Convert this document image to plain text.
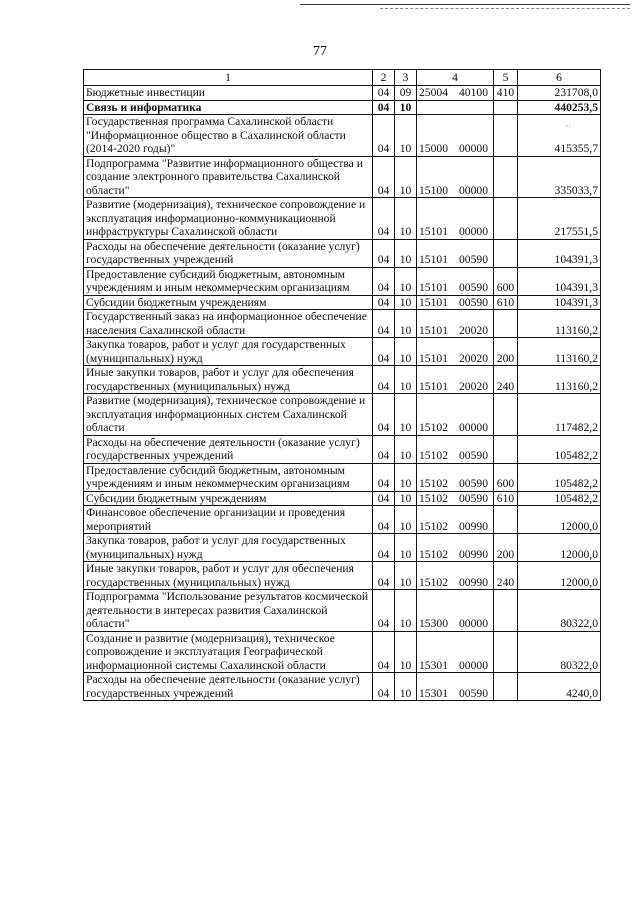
77
ˊ˙
1	2	3	4	5	6
Бюджетные инвестиции	04	09	25004 40100	410	231708,0
Связь и информатика	04	10			440253,5
Государственная программа Сахалинской области "Информационное общество в Сахалинской области (2014-2020 годы)"	04	10	15000 00000		415355,7
Подпрограмма "Развитие информационного общества и создание электронного правительства Сахалинской области"	04	10	15100 00000		335033,7
Развитие (модернизация), техническое сопровождение и эксплуатация информационно-коммуникационной инфраструктуры Сахалинской области	04	10	15101 00000		217551,5
Расходы на обеспечение деятельности (оказание услуг) государственных учреждений	04	10	15101 00590		104391,3
Предоставление субсидий бюджетным, автономным учреждениям и иным некоммерческим организациям	04	10	15101 00590	600	104391,3
Субсидии бюджетным учреждениям	04	10	15101 00590	610	104391,3
Государственный заказ на информационное обеспечение населения Сахалинской области	04	10	15101 20020		113160,2
Закупка товаров, работ и услуг для государственных (муниципальных) нужд	04	10	15101 20020	200	113160,2
Иные закупки товаров, работ и услуг для обеспечения государственных (муниципальных) нужд	04	10	15101 20020	240	113160,2
Развитие (модернизация), техническое сопровождение и эксплуатация информационных систем Сахалинской области	04	10	15102 00000		117482,2
Расходы на обеспечение деятельности (оказание услуг) государственных учреждений	04	10	15102 00590		105482,2
Предоставление субсидий бюджетным, автономным учреждениям и иным некоммерческим организациям	04	10	15102 00590	600	105482,2
Субсидии бюджетным учреждениям	04	10	15102 00590	610	105482,2
Финансовое обеспечение организации и проведения мероприятий	04	10	15102 00990		12000,0
Закупка товаров, работ и услуг для государственных (муниципальных) нужд	04	10	15102 00990	200	12000,0
Иные закупки товаров, работ и услуг для обеспечения государственных (муниципальных) нужд	04	10	15102 00990	240	12000,0
Подпрограмма "Использование результатов космической деятельности в интересах развития Сахалинской области"	04	10	15300 00000		80322,0
Создание и развитие (модернизация), техническое сопровождение и эксплуатация Географической информационной системы Сахалинской области	04	10	15301 00000		80322,0
Расходы на обеспечение деятельности (оказание услуг) государственных учреждений	04	10	15301 00590		4240,0
